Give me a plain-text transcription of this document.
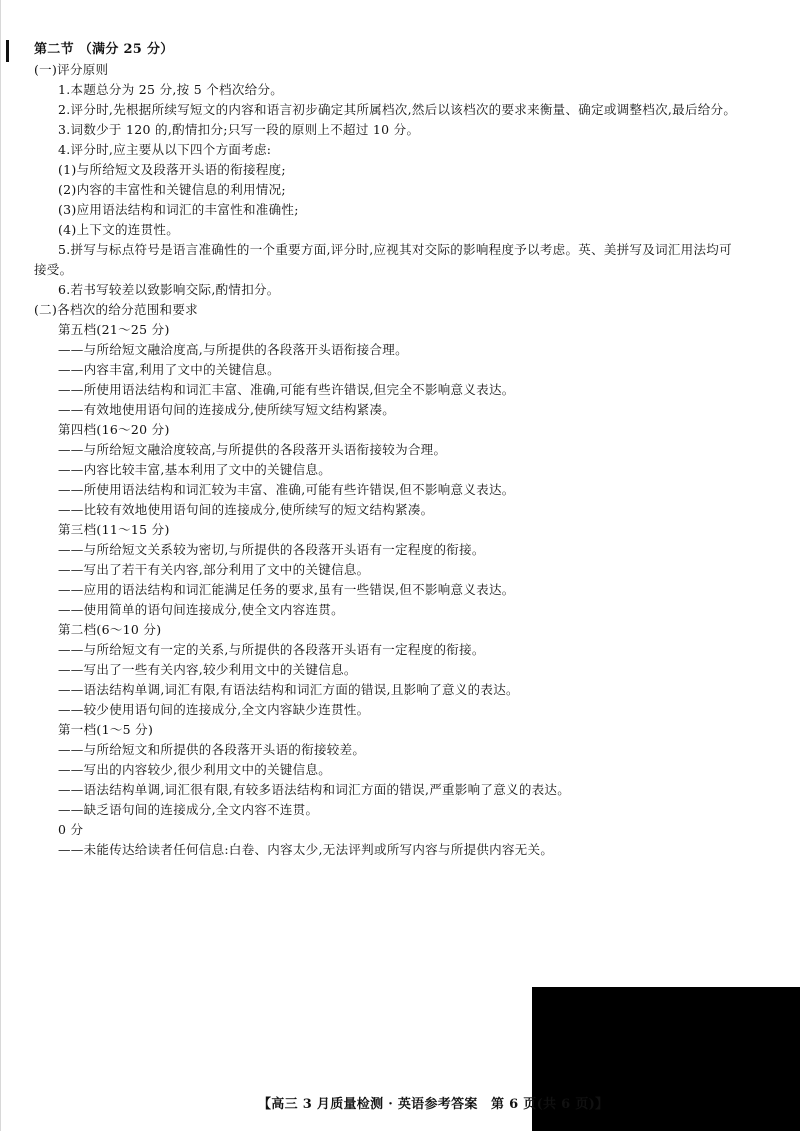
第二节 （满分 25 分）
(一)评分原则
1.本题总分为 25 分,按 5 个档次给分。
2.评分时,先根据所续写短文的内容和语言初步确定其所属档次,然后以该档次的要求来衡量、确定或调整档次,最后给分。
3.词数少于 120 的,酌情扣分;只写一段的原则上不超过 10 分。
4.评分时,应主要从以下四个方面考虑:
(1)与所给短文及段落开头语的衔接程度;
(2)内容的丰富性和关键信息的利用情况;
(3)应用语法结构和词汇的丰富性和准确性;
(4)上下文的连贯性。
5.拼写与标点符号是语言准确性的一个重要方面,评分时,应视其对交际的影响程度予以考虑。英、美拼写及词汇用法均可
接受。
6.若书写较差以致影响交际,酌情扣分。
(二)各档次的给分范围和要求
第五档(21～25 分)
——与所给短文融洽度高,与所提供的各段落开头语衔接合理。
——内容丰富,利用了文中的关键信息。
——所使用语法结构和词汇丰富、准确,可能有些许错误,但完全不影响意义表达。
——有效地使用语句间的连接成分,使所续写短文结构紧凑。
第四档(16～20 分)
——与所给短文融洽度较高,与所提供的各段落开头语衔接较为合理。
——内容比较丰富,基本利用了文中的关键信息。
——所使用语法结构和词汇较为丰富、准确,可能有些许错误,但不影响意义表达。
——比较有效地使用语句间的连接成分,使所续写的短文结构紧凑。
第三档(11～15 分)
——与所给短文关系较为密切,与所提供的各段落开头语有一定程度的衔接。
——写出了若干有关内容,部分利用了文中的关键信息。
——应用的语法结构和词汇能满足任务的要求,虽有一些错误,但不影响意义表达。
——使用简单的语句间连接成分,使全文内容连贯。
第二档(6～10 分)
——与所给短文有一定的关系,与所提供的各段落开头语有一定程度的衔接。
——写出了一些有关内容,较少利用文中的关键信息。
——语法结构单调,词汇有限,有语法结构和词汇方面的错误,且影响了意义的表达。
——较少使用语句间的连接成分,全文内容缺少连贯性。
第一档(1～5 分)
——与所给短文和所提供的各段落开头语的衔接较差。
——写出的内容较少,很少利用文中的关键信息。
——语法结构单调,词汇很有限,有较多语法结构和词汇方面的错误,严重影响了意义的表达。
——缺乏语句间的连接成分,全文内容不连贯。
0 分
——未能传达给读者任何信息:白卷、内容太少,无法评判或所写内容与所提供内容无关。
【高三 3 月质量检测 · 英语参考答案　第 6 页(共 6 页)】
